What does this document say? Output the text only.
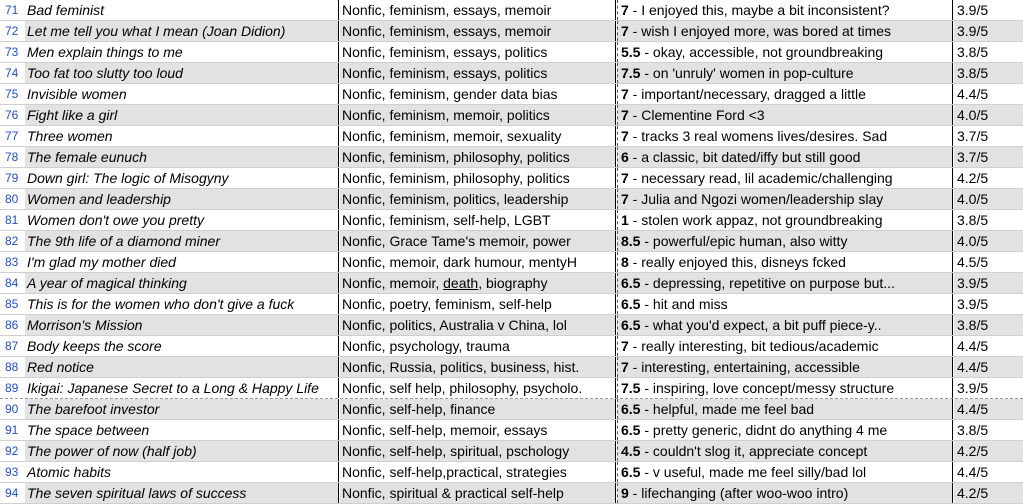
71 Bad feminist	Nonfic, feminism, essays, memoir	7 - I enjoyed this, maybe a bit inconsistent?	3.9/5
72 Let me tell you what I mean (Joan Didion)	Nonfic, feminism, essays, memoir	7 - wish I enjoyed more, was bored at times	3.9/5
73 Men explain things to me	Nonfic, feminism, essays, politics	5.5 - okay, accessible, not groundbreaking	3.8/5
74 Too fat too slutty too loud	Nonfic, feminism, essays, politics	7.5 - on 'unruly' women in pop-culture	3.8/5
75 Invisible women	Nonfic, feminism, gender data bias	7 - important/necessary, dragged a little	4.4/5
76 Fight like a girl	Nonfic, feminism, memoir, politics	7 - Clementine Ford <3	4.0/5
77 Three women	Nonfic, feminism, memoir, sexuality	7 - tracks 3 real womens lives/desires. Sad	3.7/5
78 The female eunuch	Nonfic, feminism, philosophy, politics	6 - a classic, bit dated/iffy but still good	3.7/5
79 Down girl: The logic of Misogyny	Nonfic, feminism, philosophy, politics	7 - necessary read, lil academic/challenging	4.2/5
80 Women and leadership	Nonfic, feminism, politics, leadership	7 - Julia and Ngozi women/leadership slay	4.0/5
81 Women don't owe you pretty	Nonfic, feminism, self-help, LGBT	1 - stolen work appaz, not groundbreaking	3.8/5
82 The 9th life of a diamond miner	Nonfic, Grace Tame's memoir, power	8.5 - powerful/epic human, also witty	4.0/5
83 I'm glad my mother died	Nonfic, memoir, dark humour, mentyH	8 - really enjoyed this, disneys fcked	4.5/5
84 A year of magical thinking	Nonfic, memoir, death, biography	6.5 - depressing, repetitive on purpose but...	3.9/5
85 This is for the women who don't give a fuck	Nonfic, poetry, feminism, self-help	6.5 - hit and miss	3.9/5
86 Morrison's Mission	Nonfic, politics, Australia v China, lol	6.5 - what you'd expect, a bit puff piece-y..	3.8/5
87 Body keeps the score	Nonfic, psychology, trauma	7 - really interesting, bit tedious/academic	4.4/5
88 Red notice	Nonfic, Russia, politics, business, hist.	7 - interesting, entertaining, accessible	4.4/5
89 Ikigai: Japanese Secret to a Long & Happy Life	Nonfic, self help, philosophy, psycholo.	7.5 - inspiring, love concept/messy structure	3.9/5
90 The barefoot investor	Nonfic, self-help, finance	6.5 - helpful, made me feel bad	4.4/5
91 The space between	Nonfic, self-help, memoir, essays	6.5 - pretty generic, didnt do anything 4 me	3.8/5
92 The power of now (half job)	Nonfic, self-help, spiritual, pschology	4.5 - couldn't slog it, appreciate concept	4.2/5
93 Atomic habits	Nonfic, self-help,practical, strategies	6.5 - v useful, made me feel silly/bad lol	4.4/5
94 The seven spiritual laws of success	Nonfic, spiritual & practical self-help	9 - lifechanging (after woo-woo intro)	4.2/5
